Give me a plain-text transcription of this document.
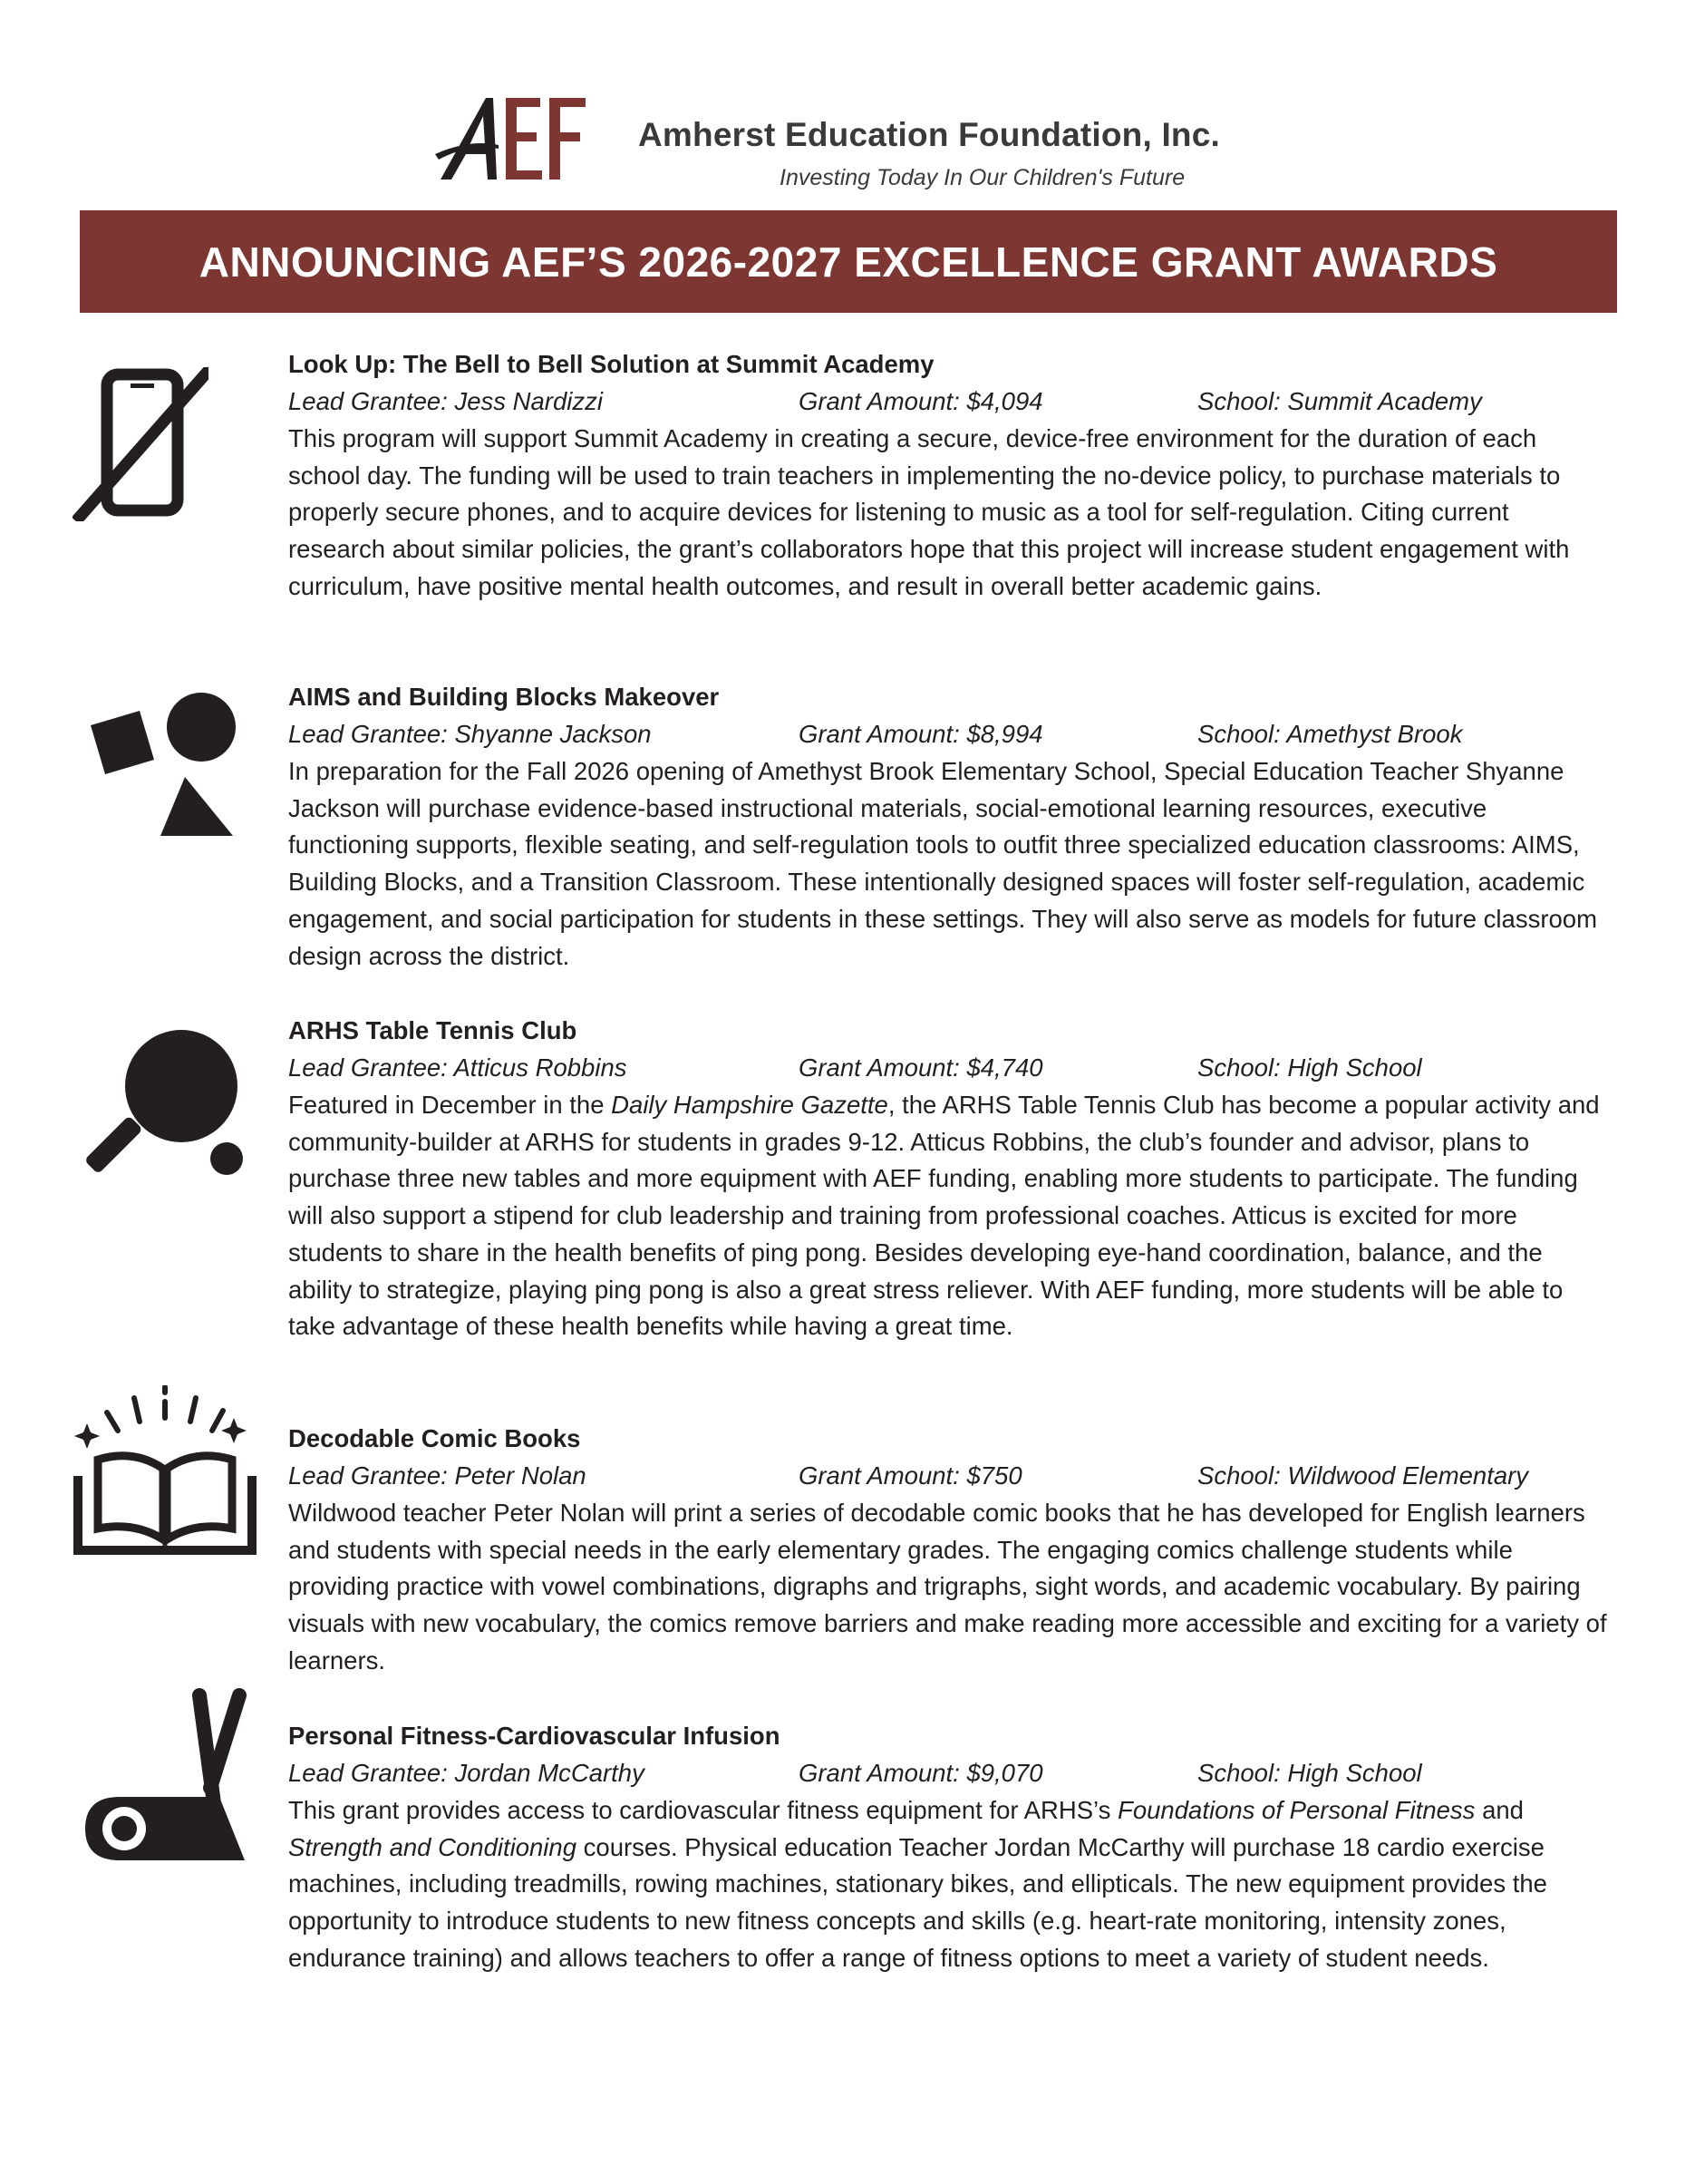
Amherst Education Foundation, Inc.
Investing Today In Our Children's Future
ANNOUNCING AEF’S 2026-2027 EXCELLENCE GRANT AWARDS
Look Up: The Bell to Bell Solution at Summit Academy
Lead Grantee: Jess Nardizzi	Grant Amount: $4,094	School: Summit Academy

This program will support Summit Academy in creating a secure, device-free environment for the duration of each school day. The funding will be used to train teachers in implementing the no-device policy, to purchase materials to properly secure phones, and to acquire devices for listening to music as a tool for self-regulation. Citing current research about similar policies, the grant’s collaborators hope that this project will increase student engagement with curriculum, have positive mental health outcomes, and result in overall better academic gains.

AIMS and Building Blocks Makeover
Lead Grantee: Shyanne Jackson	Grant Amount: $8,994	School: Amethyst Brook

In preparation for the Fall 2026 opening of Amethyst Brook Elementary School, Special Education Teacher Shyanne Jackson will purchase evidence-based instructional materials, social-emotional learning resources, executive functioning supports, flexible seating, and self-regulation tools to outfit three specialized education classrooms: AIMS, Building Blocks, and a Transition Classroom. These intentionally designed spaces will foster self-regulation, academic engagement, and social participation for students in these settings. They will also serve as models for future classroom design across the district.

ARHS Table Tennis Club
Lead Grantee: Atticus Robbins	Grant Amount: $4,740	School: High School

Featured in December in the Daily Hampshire Gazette, the ARHS Table Tennis Club has become a popular activity and community-builder at ARHS for students in grades 9-12. Atticus Robbins, the club’s founder and advisor, plans to purchase three new tables and more equipment with AEF funding, enabling more students to participate. The funding will also support a stipend for club leadership and training from professional coaches. Atticus is excited for more students to share in the health benefits of ping pong. Besides developing eye-hand coordination, balance, and the ability to strategize, playing ping pong is also a great stress reliever. With AEF funding, more students will be able to take advantage of these health benefits while having a great time.

Decodable Comic Books
Lead Grantee: Peter Nolan	Grant Amount: $750	School: Wildwood Elementary

Wildwood teacher Peter Nolan will print a series of decodable comic books that he has developed for English learners and students with special needs in the early elementary grades. The engaging comics challenge students while providing practice with vowel combinations, digraphs and trigraphs, sight words, and academic vocabulary. By pairing visuals with new vocabulary, the comics remove barriers and make reading more accessible and exciting for a variety of learners.

Personal Fitness-Cardiovascular Infusion
Lead Grantee: Jordan McCarthy	Grant Amount: $9,070	School: High School

This grant provides access to cardiovascular fitness equipment for ARHS’s Foundations of Personal Fitness and Strength and Conditioning courses. Physical education Teacher Jordan McCarthy will purchase 18 cardio exercise machines, including treadmills, rowing machines, stationary bikes, and ellipticals. The new equipment provides the opportunity to introduce students to new fitness concepts and skills (e.g. heart-rate monitoring, intensity zones, endurance training) and allows teachers to offer a range of fitness options to meet a variety of student needs.
